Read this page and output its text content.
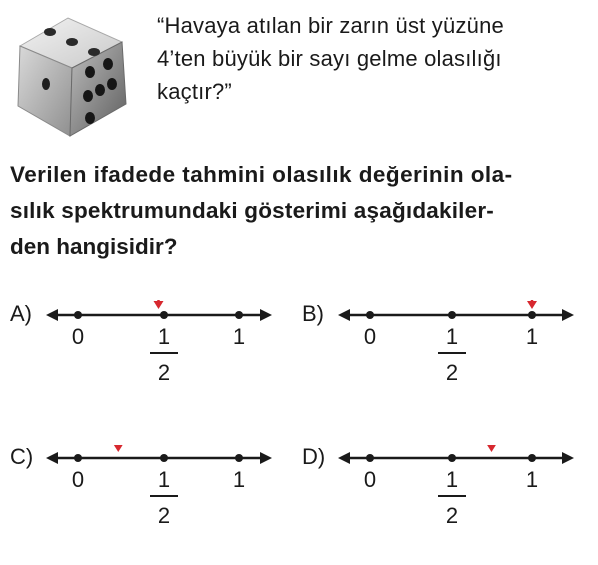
“Havaya atılan bir zarın üst yüzüne
4’ten büyük bir sayı gelme olasılığı
kaçtır?”
Verilen ifadede tahmini olasılık değerinin ola-
sılık spektrumundaki gösterimi aşağıdakiler-
den hangisidir?
0	1
1
2
A)
0	1
1
2
B)
0	1
1
2
C)
0	1
1
2
D)
